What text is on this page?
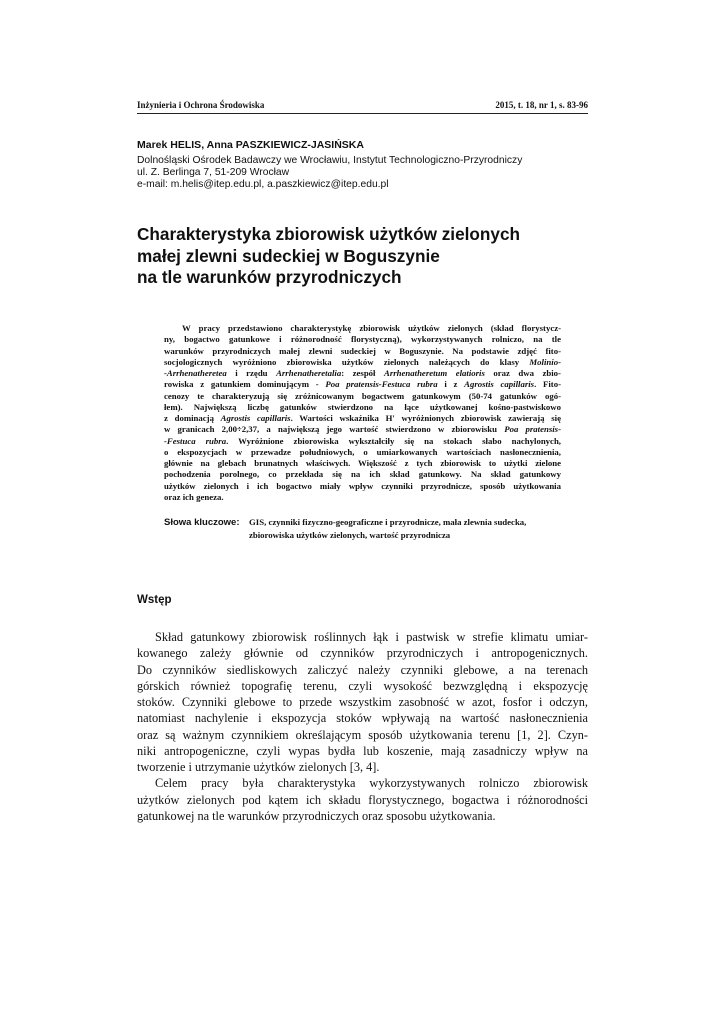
Inżynieria i Ochrona Środowiska	2015, t. 18, nr 1, s. 83-96
Marek HELIS, Anna PASZKIEWICZ-JASIŃSKA
Dolnośląski Ośrodek Badawczy we Wrocławiu, Instytut Technologiczno-Przyrodniczy
ul. Z. Berlinga 7, 51-209 Wrocław
e-mail: m.helis@itep.edu.pl, a.paszkiewicz@itep.edu.pl
Charakterystyka zbiorowisk użytków zielonych
małej zlewni sudeckiej w Boguszynie
na tle warunków przyrodniczych
W pracy przedstawiono charakterystykę zbiorowisk użytków zielonych (skład florystycz-
ny, bogactwo gatunkowe i różnorodność florystyczną), wykorzystywanych rolniczo, na tle
warunków przyrodniczych małej zlewni sudeckiej w Boguszynie. Na podstawie zdjęć fito-
socjologicznych wyróżniono zbiorowiska użytków zielonych należących do klasy Molinio-
-Arrhenatheretea i rzędu Arrhenatheretalia: zespół Arrhenatheretum elatioris oraz dwa zbio-
rowiska z gatunkiem dominującym - Poa pratensis-Festuca rubra i z Agrostis capillaris. Fito-
cenozy te charakteryzują się zróżnicowanym bogactwem gatunkowym (50-74 gatunków ogó-
łem). Największą liczbę gatunków stwierdzono na łące użytkowanej kośno-pastwiskowo
z dominacją Agrostis capillaris. Wartości wskaźnika H' wyróżnionych zbiorowisk zawierają się
w granicach 2,00÷2,37, a największą jego wartość stwierdzono w zbiorowisku Poa pratensis-
-Festuca rubra. Wyróżnione zbiorowiska wykształciły się na stokach słabo nachylonych,
o ekspozycjach w przewadze południowych, o umiarkowanych wartościach nasłonecznienia,
głównie na glebach brunatnych właściwych. Większość z tych zbiorowisk to użytki zielone
pochodzenia porolnego, co przekłada się na ich skład gatunkowy. Na skład gatunkowy
użytków zielonych i ich bogactwo miały wpływ czynniki przyrodnicze, sposób użytkowania
oraz ich geneza.
Słowa kluczowe: GIS, czynniki fizyczno-geograficzne i przyrodnicze, mała zlewnia sudecka,
zbiorowiska użytków zielonych, wartość przyrodnicza
Wstęp
Skład gatunkowy zbiorowisk roślinnych łąk i pastwisk w strefie klimatu umiar-
kowanego zależy głównie od czynników przyrodniczych i antropogenicznych.
Do czynników siedliskowych zaliczyć należy czynniki glebowe, a na terenach
górskich również topografię terenu, czyli wysokość bezwzględną i ekspozycję
stoków. Czynniki glebowe to przede wszystkim zasobność w azot, fosfor i odczyn,
natomiast nachylenie i ekspozycja stoków wpływają na wartość nasłonecznienia
oraz są ważnym czynnikiem określającym sposób użytkowania terenu [1, 2]. Czyn-
niki antropogeniczne, czyli wypas bydła lub koszenie, mają zasadniczy wpływ na
tworzenie i utrzymanie użytków zielonych [3, 4].
Celem pracy była charakterystyka wykorzystywanych rolniczo zbiorowisk
użytków zielonych pod kątem ich składu florystycznego, bogactwa i różnorodności
gatunkowej na tle warunków przyrodniczych oraz sposobu użytkowania.
